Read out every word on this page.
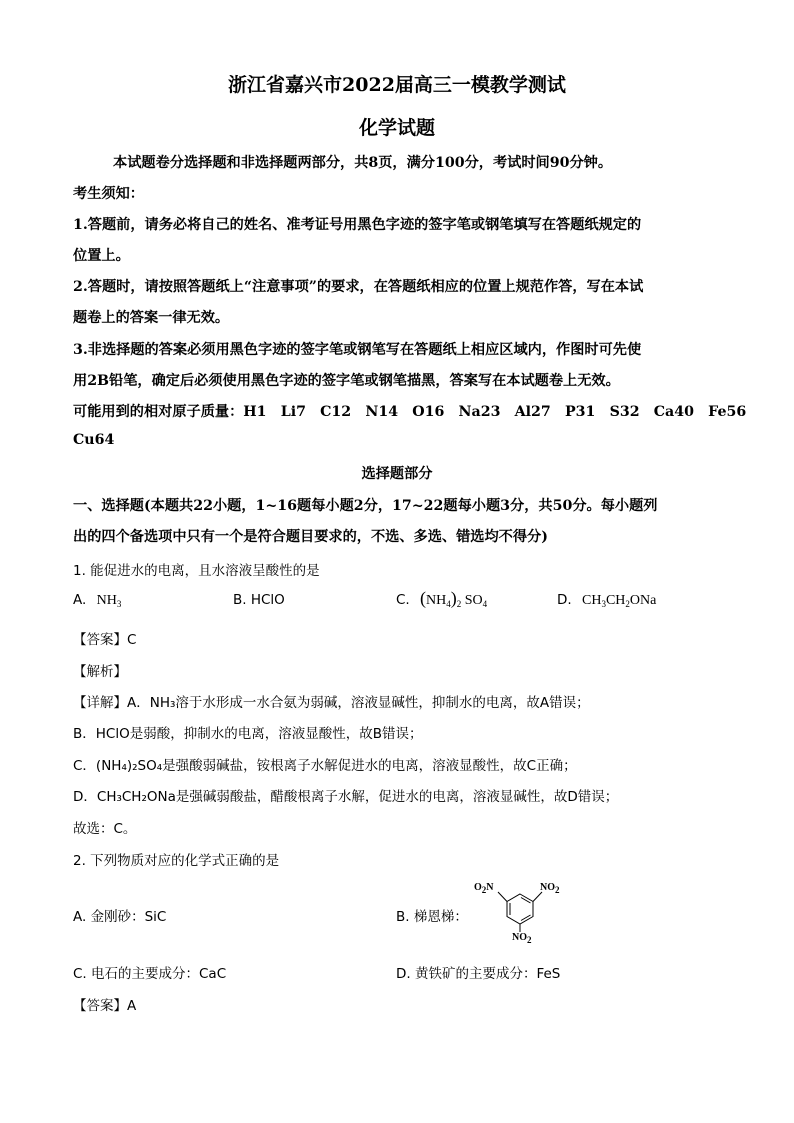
浙江省嘉兴市2022届高三一模教学测试
化学试题
本试题卷分选择题和非选择题两部分，共8页，满分100分，考试时间90分钟。
考生须知：
1.答题前，请务必将自己的姓名、准考证号用黑色字迹的签字笔或钢笔填写在答题纸规定的
位置上。
2.答题时，请按照答题纸上“注意事项”的要求，在答题纸相应的位置上规范作答，写在本试
题卷上的答案一律无效。
3.非选择题的答案必须用黑色字迹的签字笔或钢笔写在答题纸上相应区域内，作图时可先使
用2B铅笔，确定后必须使用黑色字迹的签字笔或钢笔描黑，答案写在本试题卷上无效。
可能用到的相对原子质量：H1　Li7　C12　N14　O16　Na23　Al27　P31　S32　Ca40　Fe56
Cu64
选择题部分
一、选择题(本题共22小题，1~16题每小题2分，17~22题每小题3分，共50分。每小题列
出的四个备选项中只有一个是符合题目要求的，不选、多选、错选均不得分)
1. 能促进水的电离，且水溶液呈酸性的是
A. $NH_3$	B. HClO	C. $(NH_4)_2$ $SO_4$	D. $CH_3CH_2ONa$
【答案】C
【解析】
【详解】A．NH₃溶于水形成一水合氨为弱碱，溶液显碱性，抑制水的电离，故A错误；
B．HClO是弱酸，抑制水的电离，溶液显酸性，故B错误；
C．(NH₄)₂SO₄是强酸弱碱盐，铵根离子水解促进水的电离，溶液显酸性，故C正确；
D．CH₃CH₂ONa是强碱弱酸盐，醋酸根离子水解，促进水的电离，溶液显碱性，故D错误；
故选：C。
2. 下列物质对应的化学式正确的是
A. 金刚砂：SiC	B. 梯恩梯：
$O_2N$	$NO_2$
$NO_2$
C. 电石的主要成分：CaC	D. 黄铁矿的主要成分：FeS
【答案】A
